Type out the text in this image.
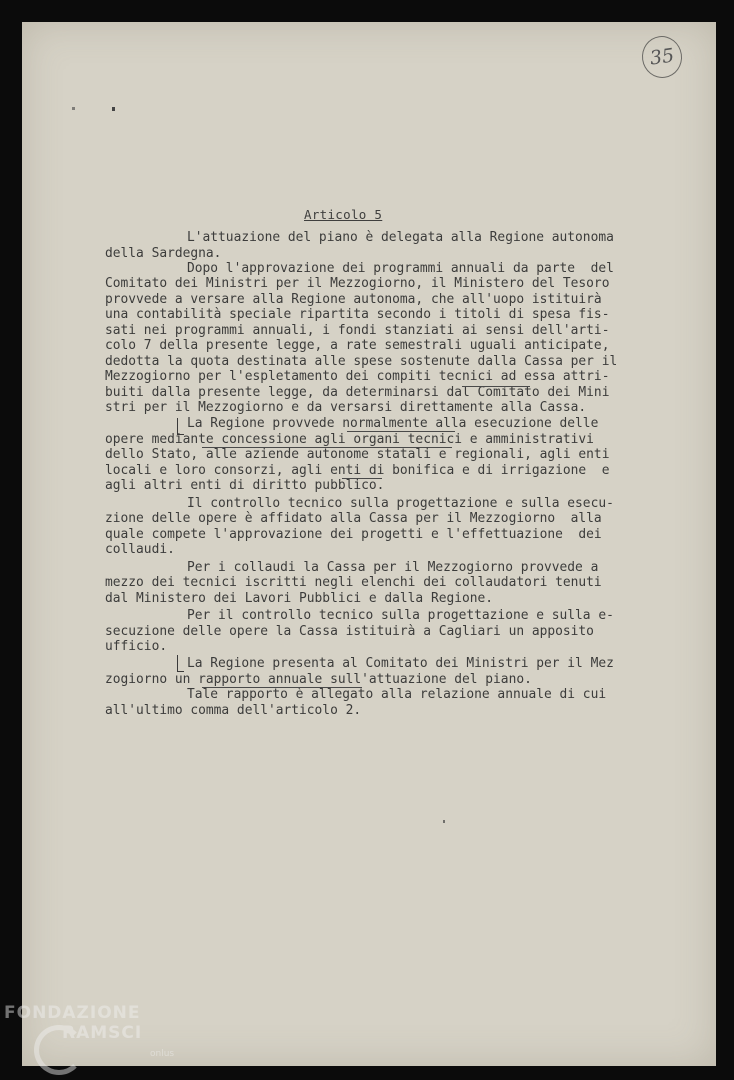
35
Articolo 5
L'attuazione del piano è delegata alla Regione autonoma
della Sardegna.
Dopo l'approvazione dei programmi annuali da parte  del
Comitato dei Ministri per il Mezzogiorno, il Ministero del Tesoro
provvede a versare alla Regione autonoma, che all'uopo istituirà
una contabilità speciale ripartita secondo i titoli di spesa fis-
sati nei programmi annuali, i fondi stanziati ai sensi dell'arti-
colo 7 della presente legge, a rate semestrali uguali anticipate,
dedotta la quota destinata alle spese sostenute dalla Cassa per il
Mezzogiorno per l'espletamento dei compiti tecnici ad essa attri-
buiti dalla presente legge, da determinarsi dal Comitato dei Mini
stri per il Mezzogiorno e da versarsi direttamente alla Cassa.
La Regione provvede normalmente alla esecuzione delle
opere mediante concessione agli organi tecnici e amministrativi
dello Stato, alle aziende autonome statali e regionali, agli enti
locali e loro consorzi, agli enti di bonifica e di irrigazione  e
agli altri enti di diritto pubblico.
Il controllo tecnico sulla progettazione e sulla esecu-
zione delle opere è affidato alla Cassa per il Mezzogiorno  alla
quale compete l'approvazione dei progetti e l'effettuazione  dei
collaudi.
Per i collaudi la Cassa per il Mezzogiorno provvede a
mezzo dei tecnici iscritti negli elenchi dei collaudatori tenuti
dal Ministero dei Lavori Pubblici e dalla Regione.
Per il controllo tecnico sulla progettazione e sulla e-
secuzione delle opere la Cassa istituirà a Cagliari un apposito
ufficio.
La Regione presenta al Comitato dei Ministri per il Mez
zogiorno un rapporto annuale sull'attuazione del piano.
Tale rapporto è allegato alla relazione annuale di cui
all'ultimo comma dell'articolo 2.
FONDAZIONE
RAMSCI
onlus
